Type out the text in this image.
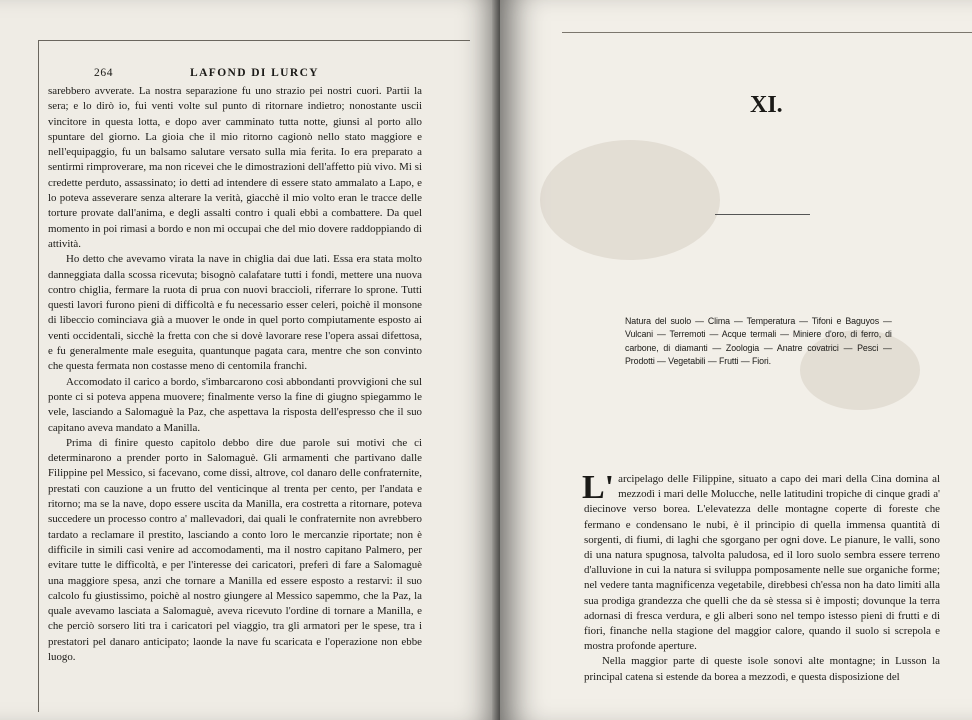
264	LAFOND DI LURCY

sarebbero avverate. La nostra separazione fu uno strazio pei nostri cuori. Partii la sera; e lo dirò io, fui venti volte sul punto di ritornare indietro; nonostante uscii vincitore in questa lotta, e dopo aver camminato tutta notte, giunsi al porto allo spuntare del giorno. La gioia che il mio ritorno cagionò nello stato maggiore e nell'equipaggio, fu un balsamo salutare versato sulla mia ferita. Io era preparato a sentirmi rimproverare, ma non ricevei che le dimostrazioni dell'affetto più vivo. Mi si credette perduto, assassinato; io detti ad intendere di essere stato ammalato a Lapo, e lo poteva asseverare senza alterare la verità, giacchè il mio volto eran le tracce delle torture provate dall'anima, e degli assalti contro i quali ebbi a combattere. Da quel momento in poi rimasi a bordo e non mi occupai che del mio dovere raddoppiando di attività.

Ho detto che avevamo virata la nave in chiglia dai due lati. Essa era stata molto danneggiata dalla scossa ricevuta; bisognò calafatare tutti i fondi, mettere una nuova contro chiglia, fermare la ruota di prua con nuovi braccioli, riferrare lo sprone. Tutti questi lavori furono pieni di difficoltà e fu necessario esser celeri, poichè il monsone di libeccio cominciava già a muover le onde in quel porto compiutamente esposto ai venti occidentali, sicchè la fretta con che si dovè lavorare rese l'opera assai difettosa, e fu generalmente male eseguita, quantunque pagata cara, mentre che son convinto che questa fermata non costasse meno di centomila franchi.

Accomodato il carico a bordo, s'imbarcarono così abbondanti provvigioni che sul ponte ci si poteva appena muovere; finalmente verso la fine di giugno spiegammo le vele, lasciando a Salomaguè la Paz, che aspettava la risposta dell'espresso che il suo capitano aveva mandato a Manilla.

Prima di finire questo capitolo debbo dire due parole sui motivi che ci determinarono a prender porto in Salomaguè. Gli armamenti che partivano dalle Filippine pel Messico, si facevano, come dissi, altrove, col danaro delle confraternite, prestati con cauzione a un frutto del venticinque al trenta per cento, per l'andata e ritorno; ma se la nave, dopo essere uscita da Manilla, era costretta a ritornare, poteva succedere un processo contro a' mallevadori, dai quali le confraternite non avrebbero tardato a reclamare il prestito, lasciando a conto loro le mercanzie riportate; non è difficile in simili casi venire ad accomodamenti, ma il nostro capitano Palmero, per evitare tutte le difficoltà, e per l'interesse dei caricatori, preferì di fare a Salomaguè una maggiore spesa, anzi che tornare a Manilla ed essere esposto a restarvi: il suo calcolo fu giustissimo, poichè al nostro giungere al Messico sapemmo, che la Paz, la quale avevamo lasciata a Salomaguè, aveva ricevuto l'ordine di tornare a Manilla, e che perciò sorsero liti tra i caricatori pel viaggio, tra gli armatori per le spese, tra i prestatori pel danaro anticipato; laonde la nave fu scaricata e l'operazione non ebbe luogo.

XI.
Natura del suolo — Clima — Temperatura — Tifoni e Baguyos — Vulcani — Terremoti — Acque termali — Miniere d'oro, di ferro, di carbone, di diamanti — Zoologia — Anatre covatrici — Pesci — Prodotti — Vegetabili — Frutti — Fiori.

L' arcipelago delle Filippine, situato a capo dei mari della Cina domina al mezzodì i mari delle Molucche, nelle latitudini tropiche di cinque gradi a' diecinove verso borea. L'elevatezza delle montagne coperte di foreste che fermano e condensano le nubi, è il principio di quella immensa quantità di sorgenti, di fiumi, di laghi che sgorgano per ogni dove. Le pianure, le valli, sono di una natura spugnosa, talvolta paludosa, ed il loro suolo sembra essere terreno d'alluvione in cui la natura si sviluppa pomposamente nelle sue organiche forme; nel vedere tanta magnificenza vegetabile, direbbesi ch'essa non ha dato limiti alla sua prodiga grandezza che quelli che da sè stessa si è imposti; dovunque la terra adornasi di fresca verdura, e gli alberi sono nel tempo istesso pieni di frutti e di fiori, finanche nella stagione del maggior calore, quando il suolo si screpola e mostra profonde aperture.

Nella maggior parte di queste isole sonovi alte montagne; in Lusson la principal catena si estende da borea a mezzodì, e questa disposizione del
